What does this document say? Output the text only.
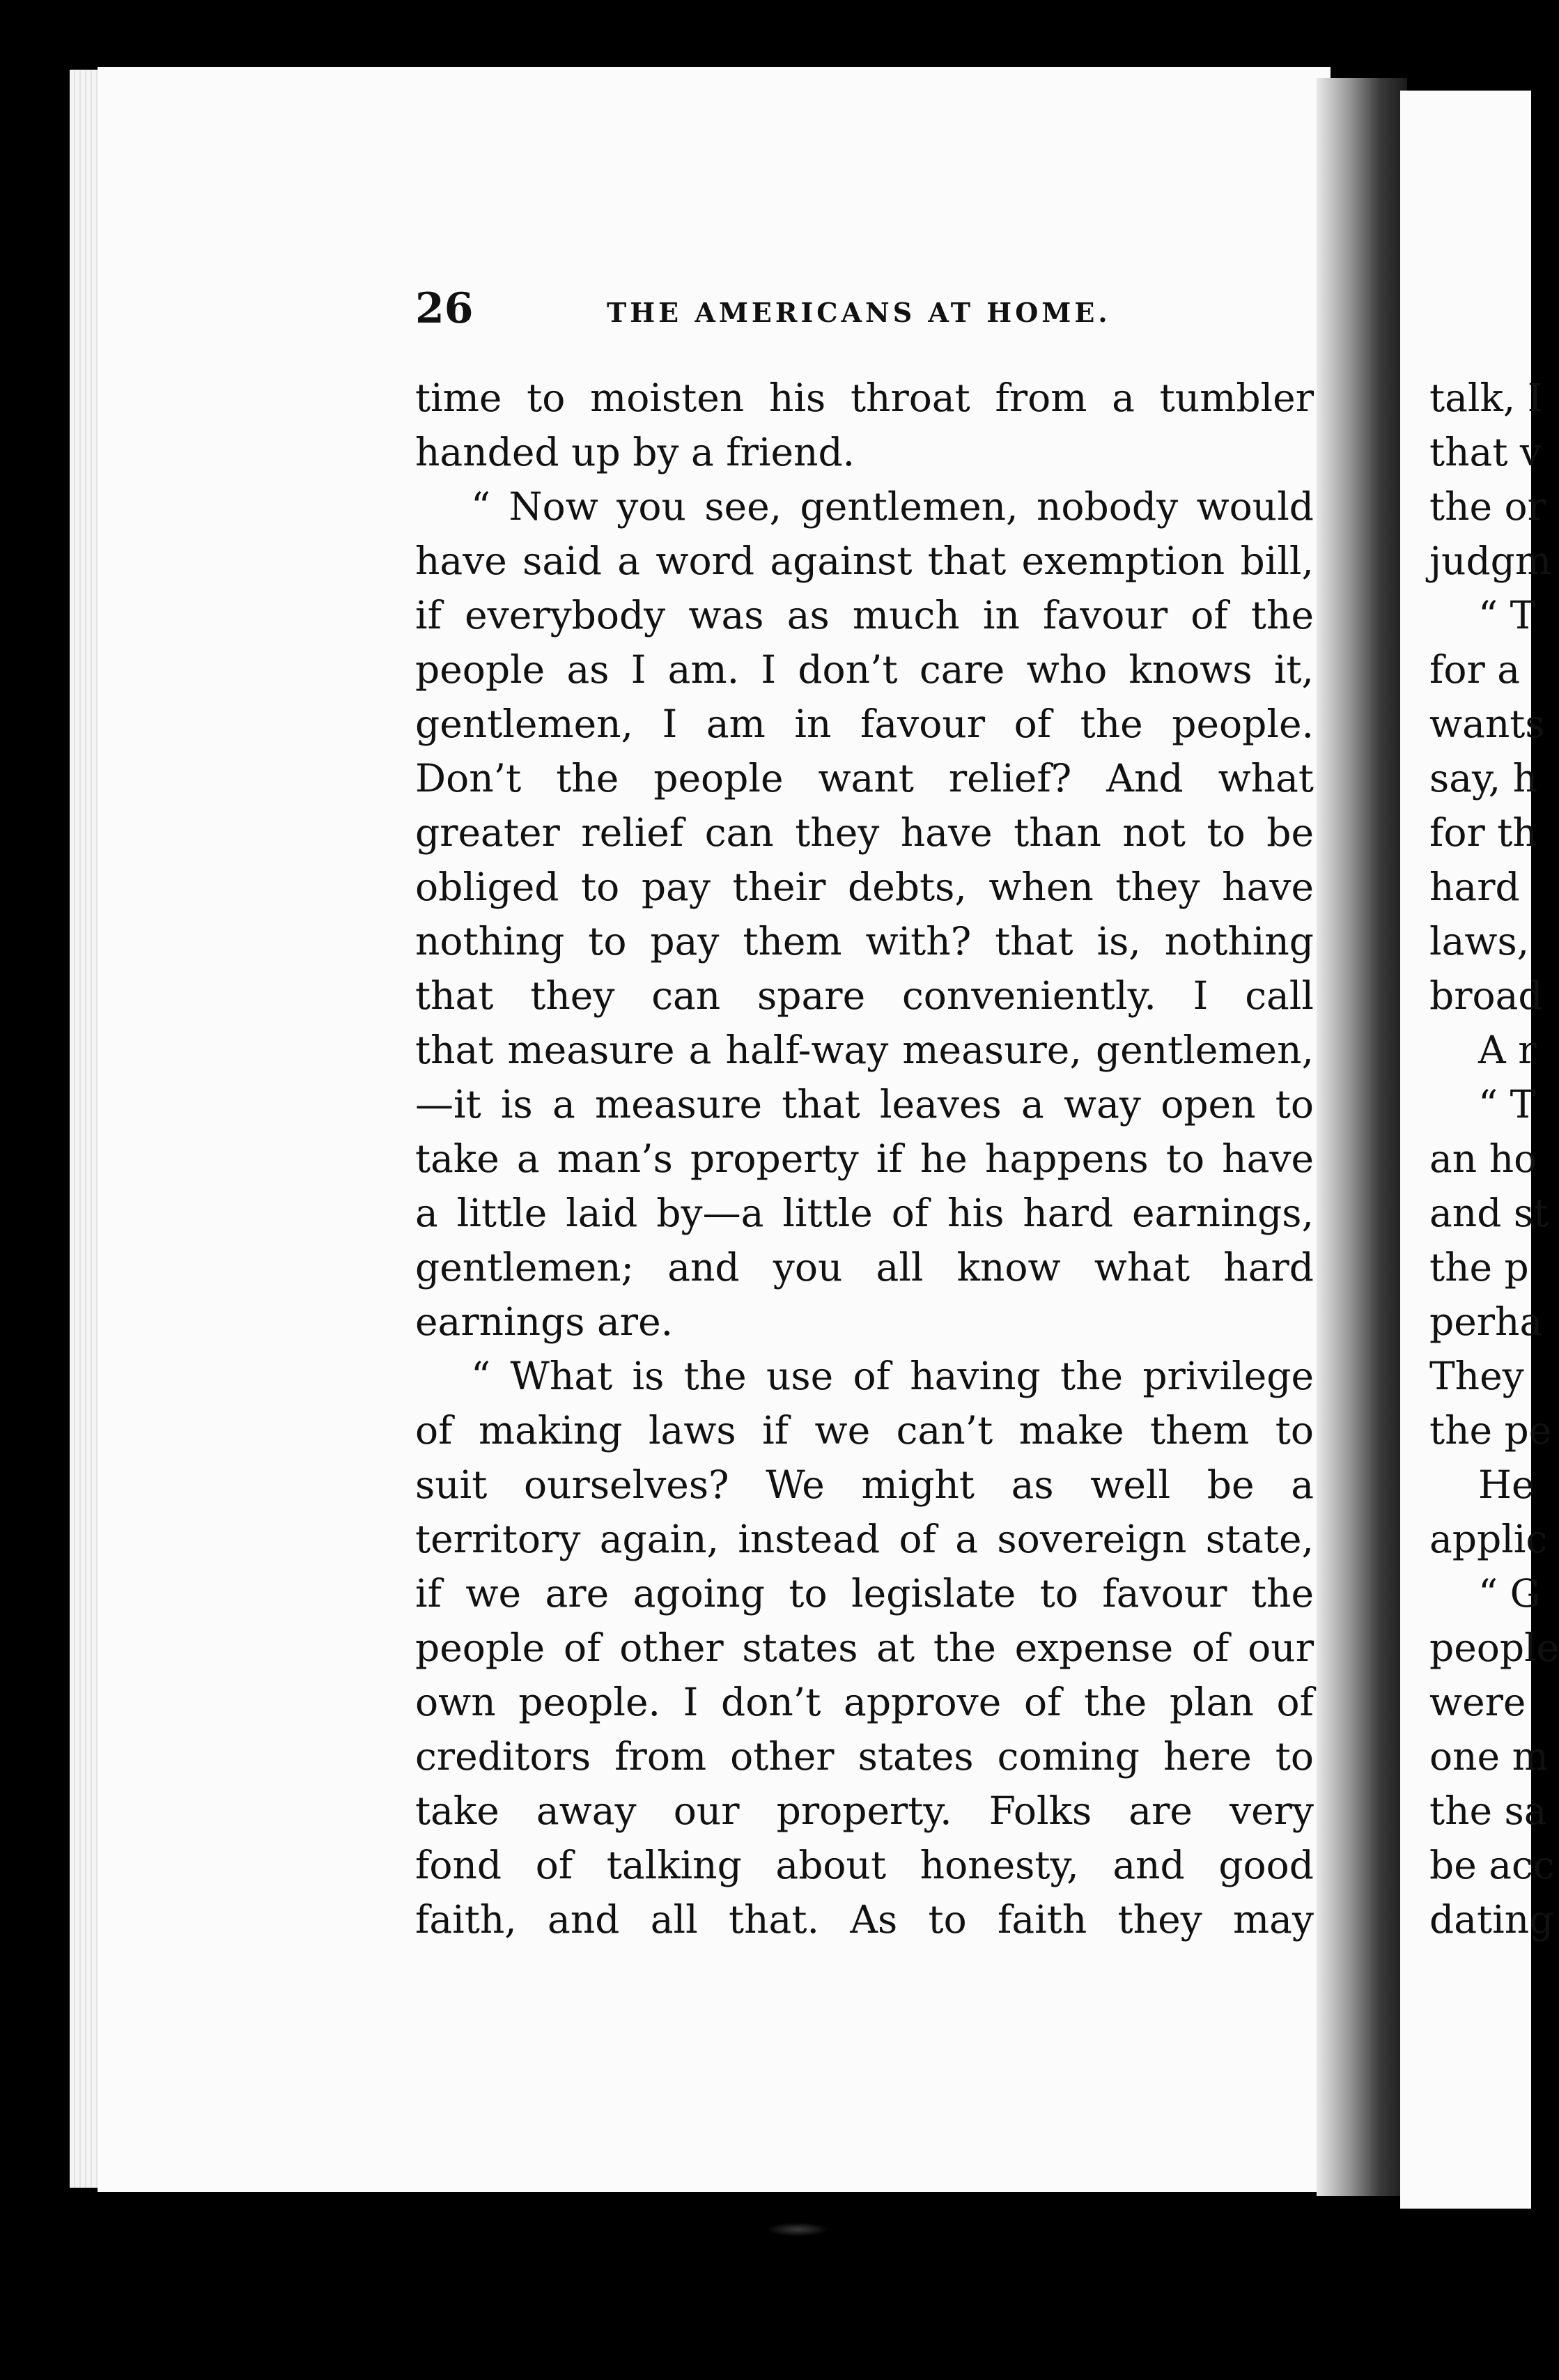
26	THE AMERICANS AT HOME.
time to moisten his throat from a tumbler
handed up by a friend.
“ Now you see, gentlemen, nobody would
have said a word against that exemption bill,
if everybody was as much in favour of the
people as I am. I don’t care who knows it,
gentlemen, I am in favour of the people.
Don’t the people want relief? And what
greater relief can they have than not to be
obliged to pay their debts, when they have
nothing to pay them with? that is, nothing
that they can spare conveniently. I call
that measure a half-way measure, gentlemen,
—it is a measure that leaves a way open to
take a man’s property if he happens to have
a little laid by—a little of his hard earnings,
gentlemen; and you all know what hard
earnings are.
“ What is the use of having the privilege
of making laws if we can’t make them to
suit ourselves? We might as well be a
territory again, instead of a sovereign state,
if we are agoing to legislate to favour the
people of other states at the expense of our
own people. I don’t approve of the plan of
creditors from other states coming here to
take away our property. Folks are very
fond of talking about honesty, and good
faith, and all that. As to faith they may
talk, I
that v
the or
judgm
“ T
for a
wants
say, h
for th
hard
laws,
broad
A r
“ T
an ho
and st
the p
perha
They
the pe
He
applic
“ G
people
were
one m
the sa
be acc
dating
